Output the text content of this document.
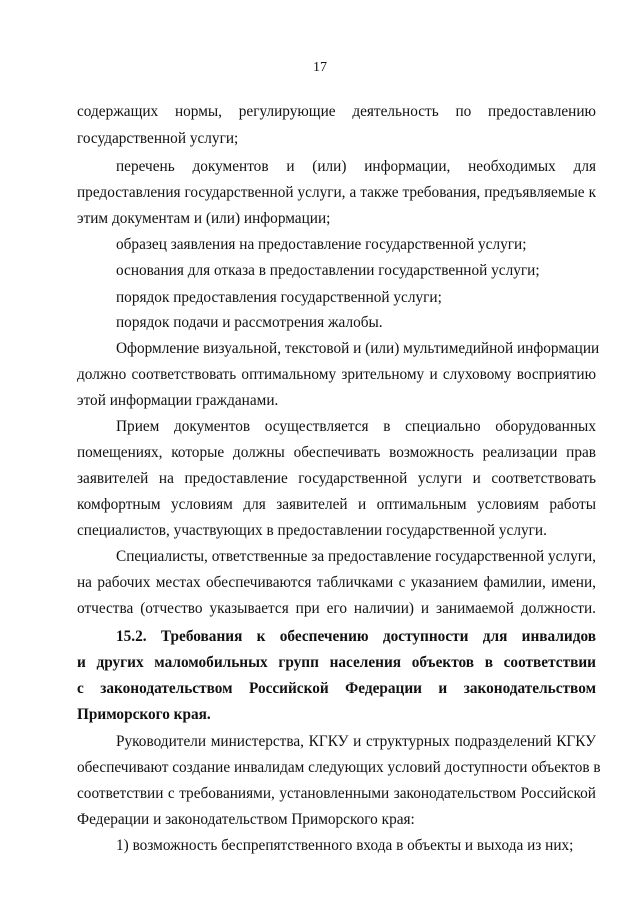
17
содержащих нормы, регулирующие деятельность по предоставлению
государственной услуги;
перечень документов и (или) информации, необходимых для
предоставления государственной услуги, а также требования, предъявляемые к
этим документам и (или) информации;
образец заявления на предоставление государственной услуги;
основания для отказа в предоставлении государственной услуги;
порядок предоставления государственной услуги;
порядок подачи и рассмотрения жалобы.
Оформление визуальной, текстовой и (или) мультимедийной информации
должно соответствовать оптимальному зрительному и слуховому восприятию
этой информации гражданами.
Прием документов осуществляется в специально оборудованных
помещениях, которые должны обеспечивать возможность реализации прав
заявителей на предоставление государственной услуги и соответствовать
комфортным условиям для заявителей и оптимальным условиям работы
специалистов, участвующих в предоставлении государственной услуги.
Специалисты, ответственные за предоставление государственной услуги,
на рабочих местах обеспечиваются табличками с указанием фамилии, имени,
отчества (отчество указывается при его наличии) и занимаемой должности.
15.2. Требования к обеспечению доступности для инвалидов
и других маломобильных групп населения объектов в соответствии
с законодательством Российской Федерации и законодательством
Приморского края.
Руководители министерства, КГКУ и структурных подразделений КГКУ
обеспечивают создание инвалидам следующих условий доступности объектов в
соответствии с требованиями, установленными законодательством Российской
Федерации и законодательством Приморского края:
1) возможность беспрепятственного входа в объекты и выхода из них;
